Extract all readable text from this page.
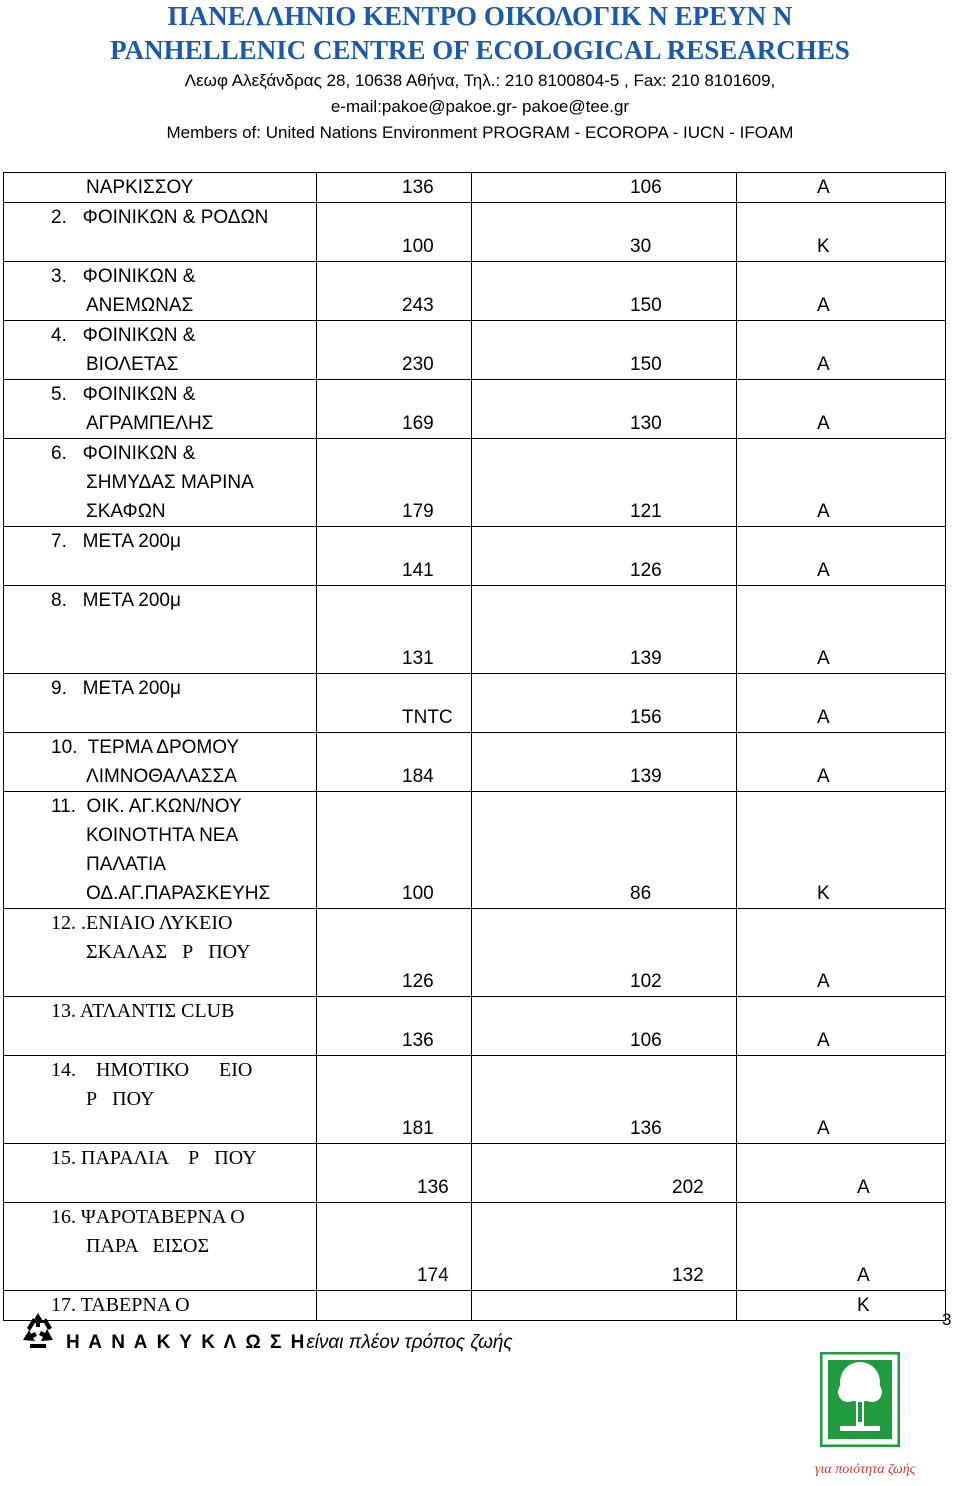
ΠΑΝΕΛΛΗΝΙΟ ΚΕΝΤΡΟ ΟΙΚΟΛΟΓΙΚ Ν ΕΡΕΥΝ Ν
PANHELLENIC CENTRE OF ECOLOGICAL RESEARCHES
Λεωφ Αλεξάνδρας 28, 10638 Αθήνα, Τηλ.: 210 8100804-5 , Fax: 210 8101609,
e-mail:pakoe@pakoe.gr- pakoe@tee.gr
Members of: United Nations Environment PROGRAM - ECOROPA - IUCN - IFOAM
ΝΑΡΚΙΣΣΟΥ	136	106	Α

2.   ΦΟΙΝΙΚΩΝ & ΡΟΔΩΝ	100	30	Κ

3.   ΦΟΙΝΙΚΩΝ &
ΑΝΕΜΩΝΑΣ	243	150	Α

4.   ΦΟΙΝΙΚΩΝ &
ΒΙΟΛΕΤΑΣ	230	150	Α

5.   ΦΟΙΝΙΚΩΝ &
ΑΓΡΑΜΠΕΛΗΣ	169	130	Α

6.   ΦΟΙΝΙΚΩΝ &
ΣΗΜΥΔΑΣ ΜΑΡΙΝΑ
ΣΚΑΦΩΝ	179	121	Α

7.   ΜΕΤΑ 200μ	141	126	Α

8.   ΜΕΤΑ 200μ	131	139	Α

9.   ΜΕΤΑ 200μ	TNTC	156	Α

10.  ΤΕΡΜΑ ΔΡΟΜΟΥ
ΛΙΜΝΟΘΑΛΑΣΣΑ	184	139	Α

11.  ΟΙΚ. ΑΓ.ΚΩΝ/ΝΟΥ
ΚΟΙΝΟΤΗΤΑ ΝΕΑ
ΠΑΛΑΤΙΑ
ΟΔ.ΑΓ.ΠΑΡΑΣΚΕΥΗΣ	100	86	Κ

12. .ΕΝΙΑΙΟ ΛΥΚΕΙΟ
ΣΚΑΛΑΣ   Ρ   ΠΟΥ	126	102	Α

13. ΑΤΛΑΝΤΙΣ CLUB	136	106	Α

14.    ΗΜΟΤΙΚΟ      ΕΙΟ
Ρ   ΠΟΥ	181	136	Α

15. ΠΑΡΑΛΙΑ    Ρ   ΠΟΥ	136	202	Α

16. ΨΑΡΟΤΑΒΕΡΝΑ Ο
ΠΑΡΑ   ΕΙΣΟΣ	174	132	Α

17. ΤΑΒΕΡΝΑ Ο			Κ
Η Α Ν Α Κ Υ Κ Λ Ω Σ Ηείναι πλέον τρόπος ζωής
3
για ποιότητα ζωής
